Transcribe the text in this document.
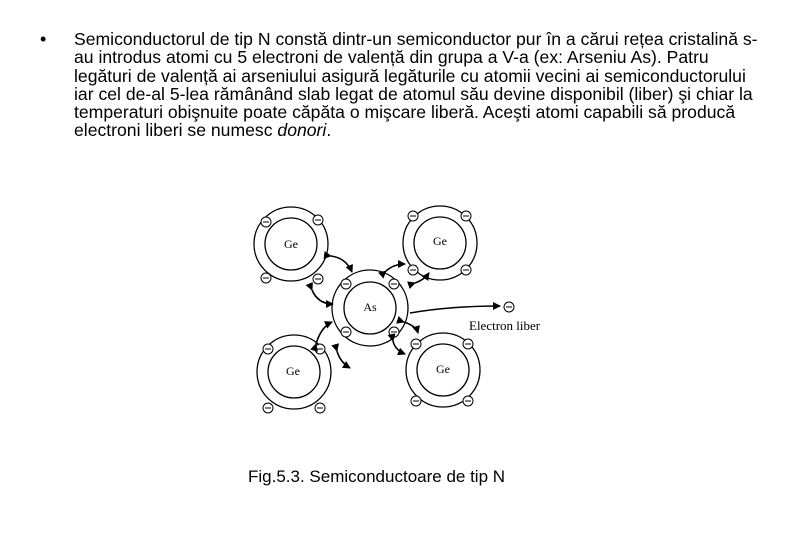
• Semiconductorul de tip N constă dintr-un semiconductor pur în a cărui rețea cristalină s-au introdus atomi cu 5 electroni de valență din grupa a V-a (ex: Arseniu As). Patru legături de valență ai arseniului asigură legăturile cu atomii vecini ai semiconductorului iar cel de-al 5-lea rămânând slab legat de atomul său devine disponibil (liber) şi chiar la temperaturi obişnuite poate căpăta o mişcare liberă. Aceşti atomi capabili să producă electroni liberi se numesc donori.
Ge	Ge
As
Ge	Ge
Electron liber
Fig.5.3. Semiconductoare de tip N
